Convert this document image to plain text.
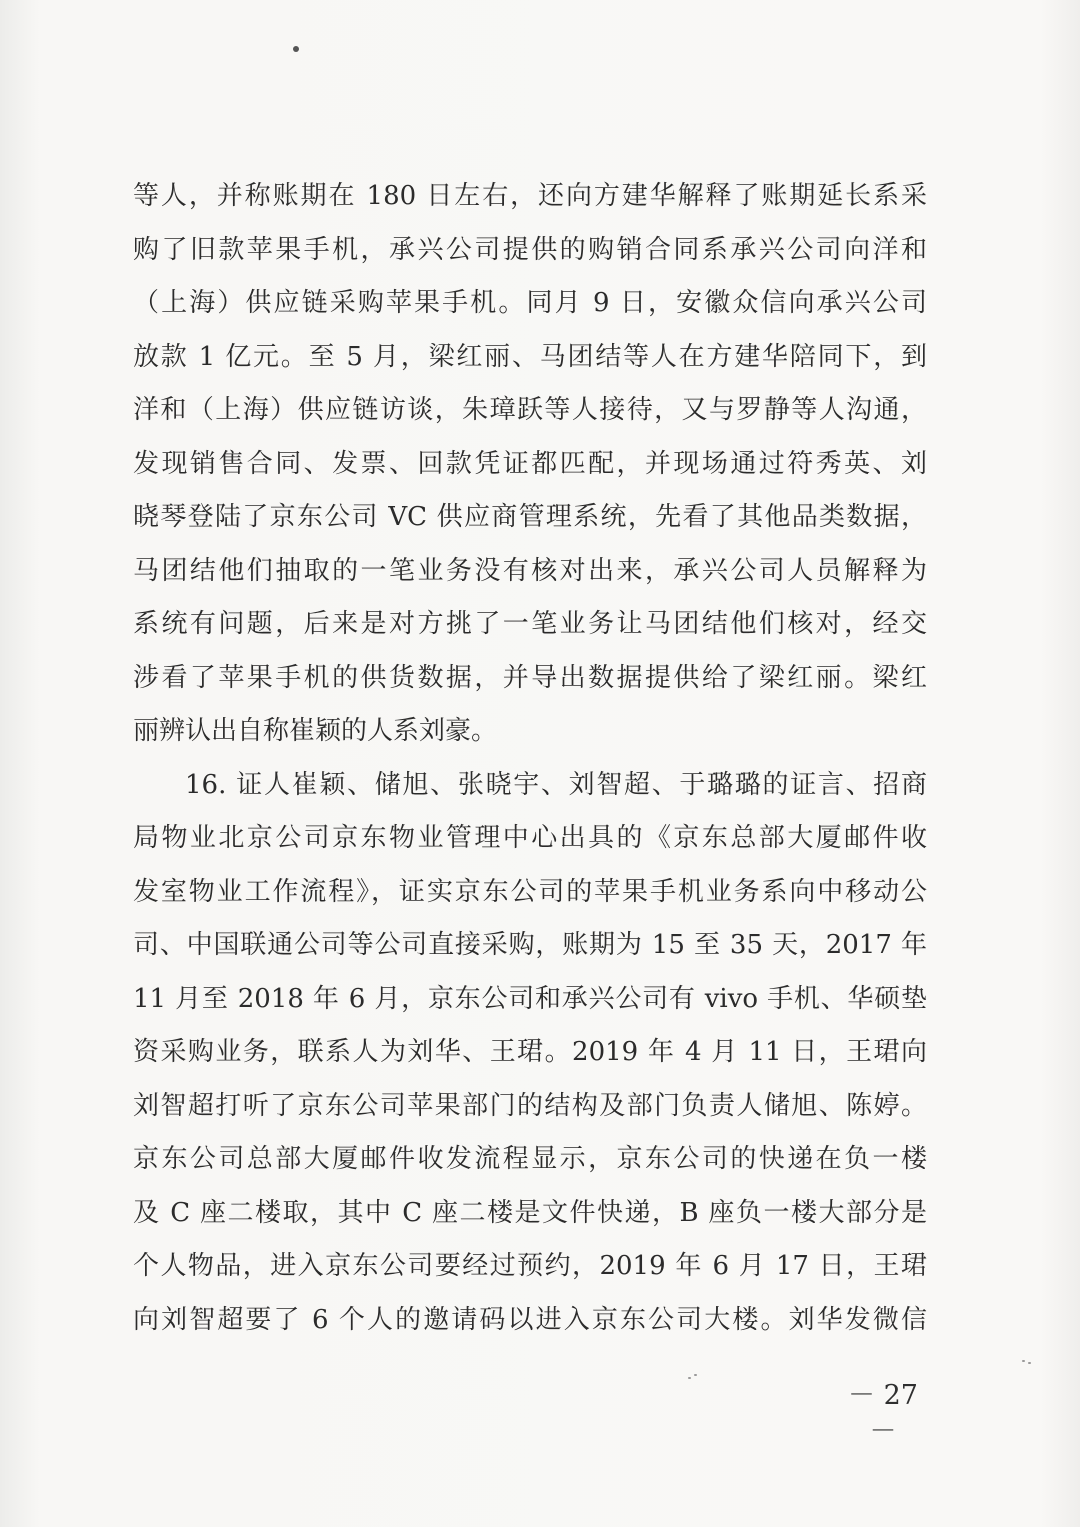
等人，并称账期在 180 日左右，还向方建华解释了账期延长系采
购了旧款苹果手机，承兴公司提供的购销合同系承兴公司向洋和
（上海）供应链采购苹果手机。同月 9 日，安徽众信向承兴公司
放款 1 亿元。至 5 月，梁红丽、马团结等人在方建华陪同下，到
洋和（上海）供应链访谈，朱璋跃等人接待，又与罗静等人沟通，
发现销售合同、发票、回款凭证都匹配，并现场通过符秀英、刘
晓琴登陆了京东公司 VC 供应商管理系统，先看了其他品类数据，
马团结他们抽取的一笔业务没有核对出来，承兴公司人员解释为
系统有问题，后来是对方挑了一笔业务让马团结他们核对，经交
涉看了苹果手机的供货数据，并导出数据提供给了梁红丽。梁红
丽辨认出自称崔颖的人系刘豪。
16. 证人崔颖、储旭、张晓宇、刘智超、于璐璐的证言、招商
局物业北京公司京东物业管理中心出具的《京东总部大厦邮件收
发室物业工作流程》，证实京东公司的苹果手机业务系向中移动公
司、中国联通公司等公司直接采购，账期为 15 至 35 天，2017 年
11 月至 2018 年 6 月，京东公司和承兴公司有 vivo 手机、华硕垫
资采购业务，联系人为刘华、王珺。2019 年 4 月 11 日，王珺向
刘智超打听了京东公司苹果部门的结构及部门负责人储旭、陈婷。
京东公司总部大厦邮件收发流程显示，京东公司的快递在负一楼
及 C 座二楼取，其中 C 座二楼是文件快递，B 座负一楼大部分是
个人物品，进入京东公司要经过预约，2019 年 6 月 17 日，王珺
向刘智超要了 6 个人的邀请码以进入京东公司大楼。刘华发微信
－ 27 －
